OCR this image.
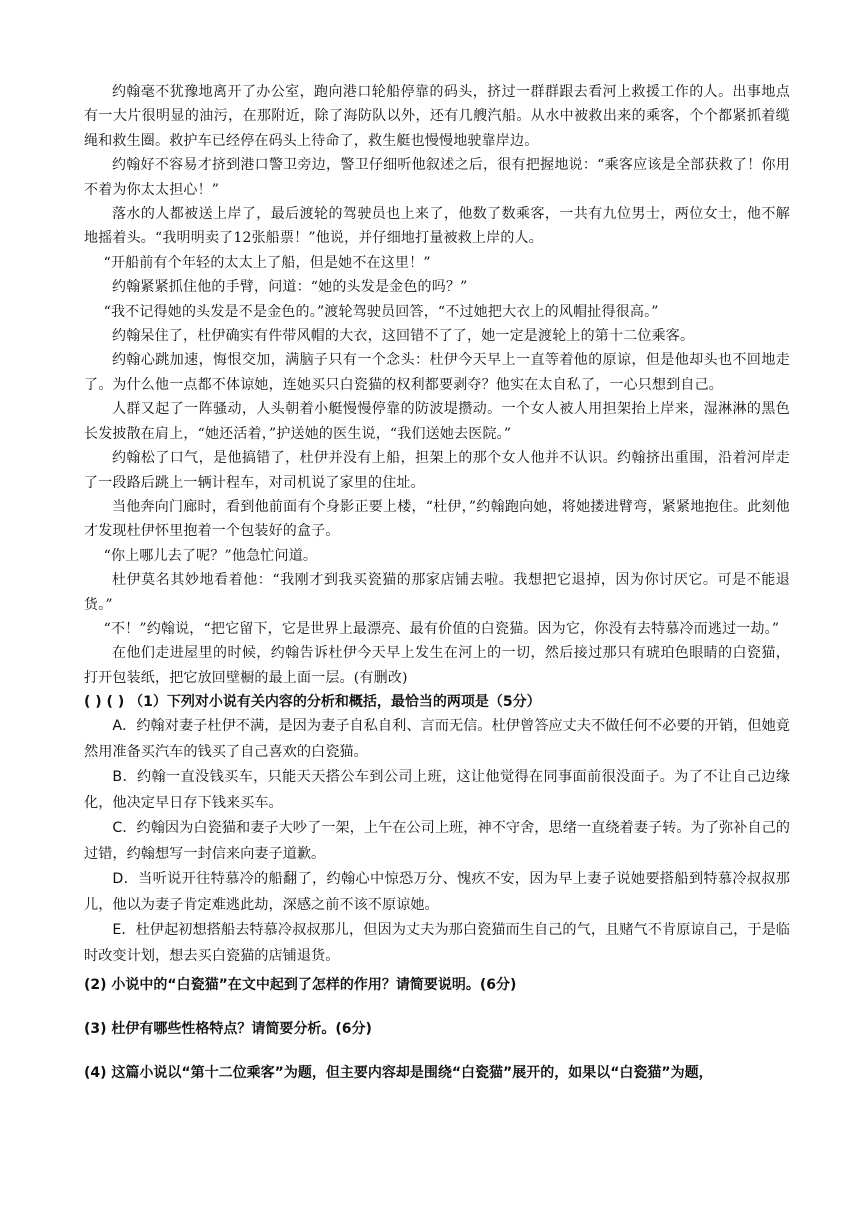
约翰毫不犹豫地离开了办公室，跑向港口轮船停靠的码头，挤过一群群跟去看河上救援工作的人。出事地点有一大片很明显的油污，在那附近，除了海防队以外，还有几艘汽船。从水中被救出来的乘客，个个都紧抓着缆绳和救生圈。救护车已经停在码头上待命了，救生艇也慢慢地驶靠岸边。

约翰好不容易才挤到港口警卫旁边，警卫仔细听他叙述之后，很有把握地说：“乘客应该是全部获救了！你用不着为你太太担心！”

落水的人都被送上岸了，最后渡轮的驾驶员也上来了，他数了数乘客，一共有九位男士，两位女士，他不解地摇着头。“我明明卖了12张船票！”他说，并仔细地打量被救上岸的人。

“开船前有个年轻的太太上了船，但是她不在这里！”

约翰紧紧抓住他的手臂，问道：“她的头发是金色的吗？”

“我不记得她的头发是不是金色的。”渡轮驾驶员回答，“不过她把大衣上的风帽扯得很高。”

约翰呆住了，杜伊确实有件带风帽的大衣，这回错不了了，她一定是渡轮上的第十二位乘客。

约翰心跳加速，悔恨交加，满脑子只有一个念头：杜伊今天早上一直等着他的原谅，但是他却头也不回地走了。为什么他一点都不体谅她，连她买只白瓷猫的权利都要剥夺？他实在太自私了，一心只想到自己。

人群又起了一阵骚动，人头朝着小艇慢慢停靠的防波堤攒动。一个女人被人用担架抬上岸来，湿淋淋的黑色长发披散在肩上，“她还活着，”护送她的医生说，“我们送她去医院。”

约翰松了口气，是他搞错了，杜伊并没有上船，担架上的那个女人他并不认识。约翰挤出重围，沿着河岸走了一段路后跳上一辆计程车，对司机说了家里的住址。

当他奔向门廊时，看到他前面有个身影正要上楼，“杜伊，”约翰跑向她，将她搂进臂弯，紧紧地抱住。此刻他才发现杜伊怀里抱着一个包装好的盒子。

“你上哪儿去了呢？”他急忙问道。

杜伊莫名其妙地看着他：“我刚才到我买瓷猫的那家店铺去啦。我想把它退掉，因为你讨厌它。可是不能退货。”

“不！”约翰说，“把它留下，它是世界上最漂亮、最有价值的白瓷猫。因为它，你没有去特慕冷而逃过一劫。”

在他们走进屋里的时候，约翰告诉杜伊今天早上发生在河上的一切，然后接过那只有琥珀色眼睛的白瓷猫，打开包装纸，把它放回壁橱的最上面一层。(有删改)

( ) ( ) （1）下列对小说有关内容的分析和概括，最恰当的两项是（5分）

A．约翰对妻子杜伊不满，是因为妻子自私自利、言而无信。杜伊曾答应丈夫不做任何不必要的开销，但她竟然用准备买汽车的钱买了自己喜欢的白瓷猫。

B．约翰一直没钱买车，只能天天搭公车到公司上班，这让他觉得在同事面前很没面子。为了不让自己边缘化，他决定早日存下钱来买车。

C．约翰因为白瓷猫和妻子大吵了一架，上午在公司上班，神不守舍，思绪一直绕着妻子转。为了弥补自己的过错，约翰想写一封信来向妻子道歉。

D．当听说开往特慕冷的船翻了，约翰心中惊恐万分、愧疚不安，因为早上妻子说她要搭船到特慕冷叔叔那儿，他以为妻子肯定难逃此劫，深感之前不该不原谅她。

E．杜伊起初想搭船去特慕冷叔叔那儿，但因为丈夫为那白瓷猫而生自己的气，且赌气不肯原谅自己，于是临时改变计划，想去买白瓷猫的店铺退货。

(2) 小说中的“白瓷猫”在文中起到了怎样的作用？请简要说明。(6分)

(3) 杜伊有哪些性格特点？请简要分析。(6分)

(4) 这篇小说以“第十二位乘客”为题，但主要内容却是围绕“白瓷猫”展开的，如果以“白瓷猫”为题，
